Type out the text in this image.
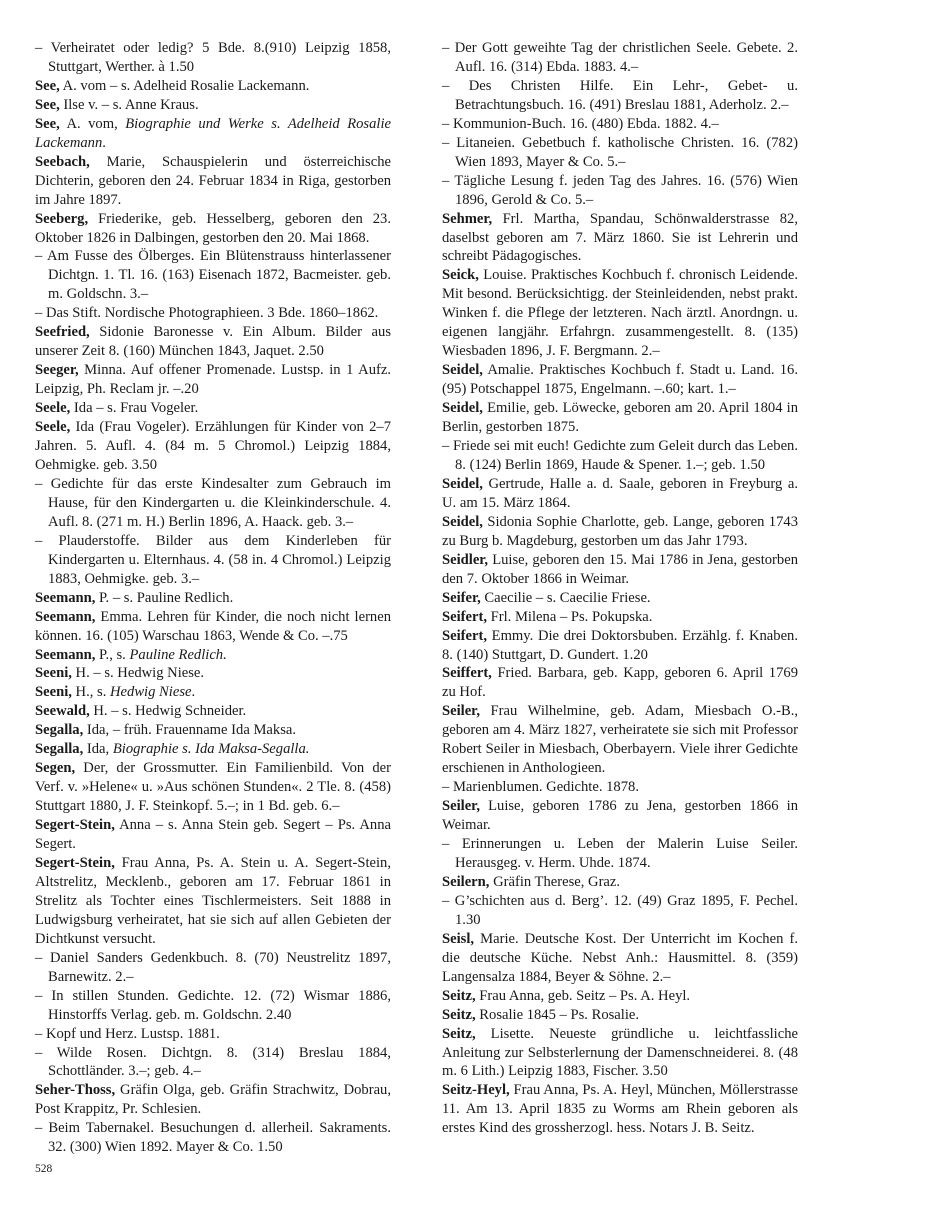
– Verheiratet oder ledig? 5 Bde. 8.(910) Leipzig 1858, Stuttgart, Werther. à 1.50

See, A. vom – s. Adelheid Rosalie Lackemann.

See, Ilse v. – s. Anne Kraus.

See, A. vom, Biographie und Werke s. Adelheid Rosalie Lackemann.

Seebach, Marie, Schauspielerin und österreichische Dichterin, geboren den 24. Februar 1834 in Riga, gestorben im Jahre 1897.

Seeberg, Friederike, geb. Hesselberg, geboren den 23. Oktober 1826 in Dalbingen, gestorben den 20. Mai 1868.

– Am Fusse des Ölberges. Ein Blütenstrauss hinterlassener Dichtgn. 1. Tl. 16. (163) Eisenach 1872, Bacmeister. geb. m. Goldschn. 3.–

– Das Stift. Nordische Photographieen. 3 Bde. 1860–1862.

Seefried, Sidonie Baronesse v. Ein Album. Bilder aus unserer Zeit 8. (160) München 1843, Jaquet. 2.50

Seeger, Minna. Auf offener Promenade. Lustsp. in 1 Aufz. Leipzig, Ph. Reclam jr. –.20

Seele, Ida – s. Frau Vogeler.

Seele, Ida (Frau Vogeler). Erzählungen für Kinder von 2–7 Jahren. 5. Aufl. 4. (84 m. 5 Chromol.) Leipzig 1884, Oehmigke. geb. 3.50

– Gedichte für das erste Kindesalter zum Gebrauch im Hause, für den Kindergarten u. die Kleinkinderschule. 4. Aufl. 8. (271 m. H.) Berlin 1896, A. Haack. geb. 3.–

– Plauderstoffe. Bilder aus dem Kinderleben für Kindergarten u. Elternhaus. 4. (58 in. 4 Chromol.) Leipzig 1883, Oehmigke. geb. 3.–

Seemann, P. – s. Pauline Redlich.

Seemann, Emma. Lehren für Kinder, die noch nicht lernen können. 16. (105) Warschau 1863, Wende & Co. –.75

Seemann, P., s. Pauline Redlich.

Seeni, H. – s. Hedwig Niese.

Seeni, H., s. Hedwig Niese.

Seewald, H. – s. Hedwig Schneider.

Segalla, Ida, – früh. Frauenname Ida Maksa.

Segalla, Ida, Biographie s. Ida Maksa-Segalla.

Segen, Der, der Grossmutter. Ein Familienbild. Von der Verf. v. »Helene« u. »Aus schönen Stunden«. 2 Tle. 8. (458) Stuttgart 1880, J. F. Steinkopf. 5.–; in 1 Bd. geb. 6.–

Segert-Stein, Anna – s. Anna Stein geb. Segert – Ps. Anna Segert.

Segert-Stein, Frau Anna, Ps. A. Stein u. A. Segert-Stein, Altstrelitz, Mecklenb., geboren am 17. Februar 1861 in Strelitz als Tochter eines Tischlermeisters. Seit 1888 in Ludwigsburg verheiratet, hat sie sich auf allen Gebieten der Dichtkunst versucht.

– Daniel Sanders Gedenkbuch. 8. (70) Neustrelitz 1897, Barnewitz. 2.–

– In stillen Stunden. Gedichte. 12. (72) Wismar 1886, Hinstorffs Verlag. geb. m. Goldschn. 2.40

– Kopf und Herz. Lustsp. 1881.

– Wilde Rosen. Dichtgn. 8. (314) Breslau 1884, Schottländer. 3.–; geb. 4.–

Seher-Thoss, Gräfin Olga, geb. Gräfin Strachwitz, Dobrau, Post Krappitz, Pr. Schlesien.

– Beim Tabernakel. Besuchungen d. allerheil. Sakraments. 32. (300) Wien 1892. Mayer & Co. 1.50

– Der Gott geweihte Tag der christlichen Seele. Gebete. 2. Aufl. 16. (314) Ebda. 1883. 4.–

– Des Christen Hilfe. Ein Lehr-, Gebet- u. Betrachtungsbuch. 16. (491) Breslau 1881, Aderholz. 2.–

– Kommunion-Buch. 16. (480) Ebda. 1882. 4.–

– Litaneien. Gebetbuch f. katholische Christen. 16. (782) Wien 1893, Mayer & Co. 5.–

– Tägliche Lesung f. jeden Tag des Jahres. 16. (576) Wien 1896, Gerold & Co. 5.–

Sehmer, Frl. Martha, Spandau, Schönwalderstrasse 82, daselbst geboren am 7. März 1860. Sie ist Lehrerin und schreibt Pädagogisches.

Seick, Louise. Praktisches Kochbuch f. chronisch Leidende. Mit besond. Berücksichtigg. der Steinleidenden, nebst prakt. Winken f. die Pflege der letzteren. Nach ärztl. Anordngn. u. eigenen langjähr. Erfahrgn. zusammengestellt. 8. (135) Wiesbaden 1896, J. F. Bergmann. 2.–

Seidel, Amalie. Praktisches Kochbuch f. Stadt u. Land. 16. (95) Potschappel 1875, Engelmann. –.60; kart. 1.–

Seidel, Emilie, geb. Löwecke, geboren am 20. April 1804 in Berlin, gestorben 1875.

– Friede sei mit euch! Gedichte zum Geleit durch das Leben. 8. (124) Berlin 1869, Haude & Spener. 1.–; geb. 1.50

Seidel, Gertrude, Halle a. d. Saale, geboren in Freyburg a. U. am 15. März 1864.

Seidel, Sidonia Sophie Charlotte, geb. Lange, geboren 1743 zu Burg b. Magdeburg, gestorben um das Jahr 1793.

Seidler, Luise, geboren den 15. Mai 1786 in Jena, gestorben den 7. Oktober 1866 in Weimar.

Seifer, Caecilie – s. Caecilie Friese.

Seifert, Frl. Milena – Ps. Pokupska.

Seifert, Emmy. Die drei Doktorsbuben. Erzählg. f. Knaben. 8. (140) Stuttgart, D. Gundert. 1.20

Seiffert, Fried. Barbara, geb. Kapp, geboren 6. April 1769 zu Hof.

Seiler, Frau Wilhelmine, geb. Adam, Miesbach O.-B., geboren am 4. März 1827, verheiratete sie sich mit Professor Robert Seiler in Miesbach, Oberbayern. Viele ihrer Gedichte erschienen in Anthologieen.

– Marienblumen. Gedichte. 1878.

Seiler, Luise, geboren 1786 zu Jena, gestorben 1866 in Weimar.

– Erinnerungen u. Leben der Malerin Luise Seiler. Herausgeg. v. Herm. Uhde. 1874.

Seilern, Gräfin Therese, Graz.

– G’schichten aus d. Berg’. 12. (49) Graz 1895, F. Pechel. 1.30

Seisl, Marie. Deutsche Kost. Der Unterricht im Kochen f. die deutsche Küche. Nebst Anh.: Hausmittel. 8. (359) Langensalza 1884, Beyer & Söhne. 2.–

Seitz, Frau Anna, geb. Seitz – Ps. A. Heyl.

Seitz, Rosalie 1845 – Ps. Rosalie.

Seitz, Lisette. Neueste gründliche u. leichtfassliche Anleitung zur Selbsterlernung der Damenschneiderei. 8. (48 m. 6 Lith.) Leipzig 1883, Fischer. 3.50

Seitz-Heyl, Frau Anna, Ps. A. Heyl, München, Möllerstrasse 11. Am 13. April 1835 zu Worms am Rhein geboren als erstes Kind des grossherzogl. hess. Notars J. B. Seitz.

528
